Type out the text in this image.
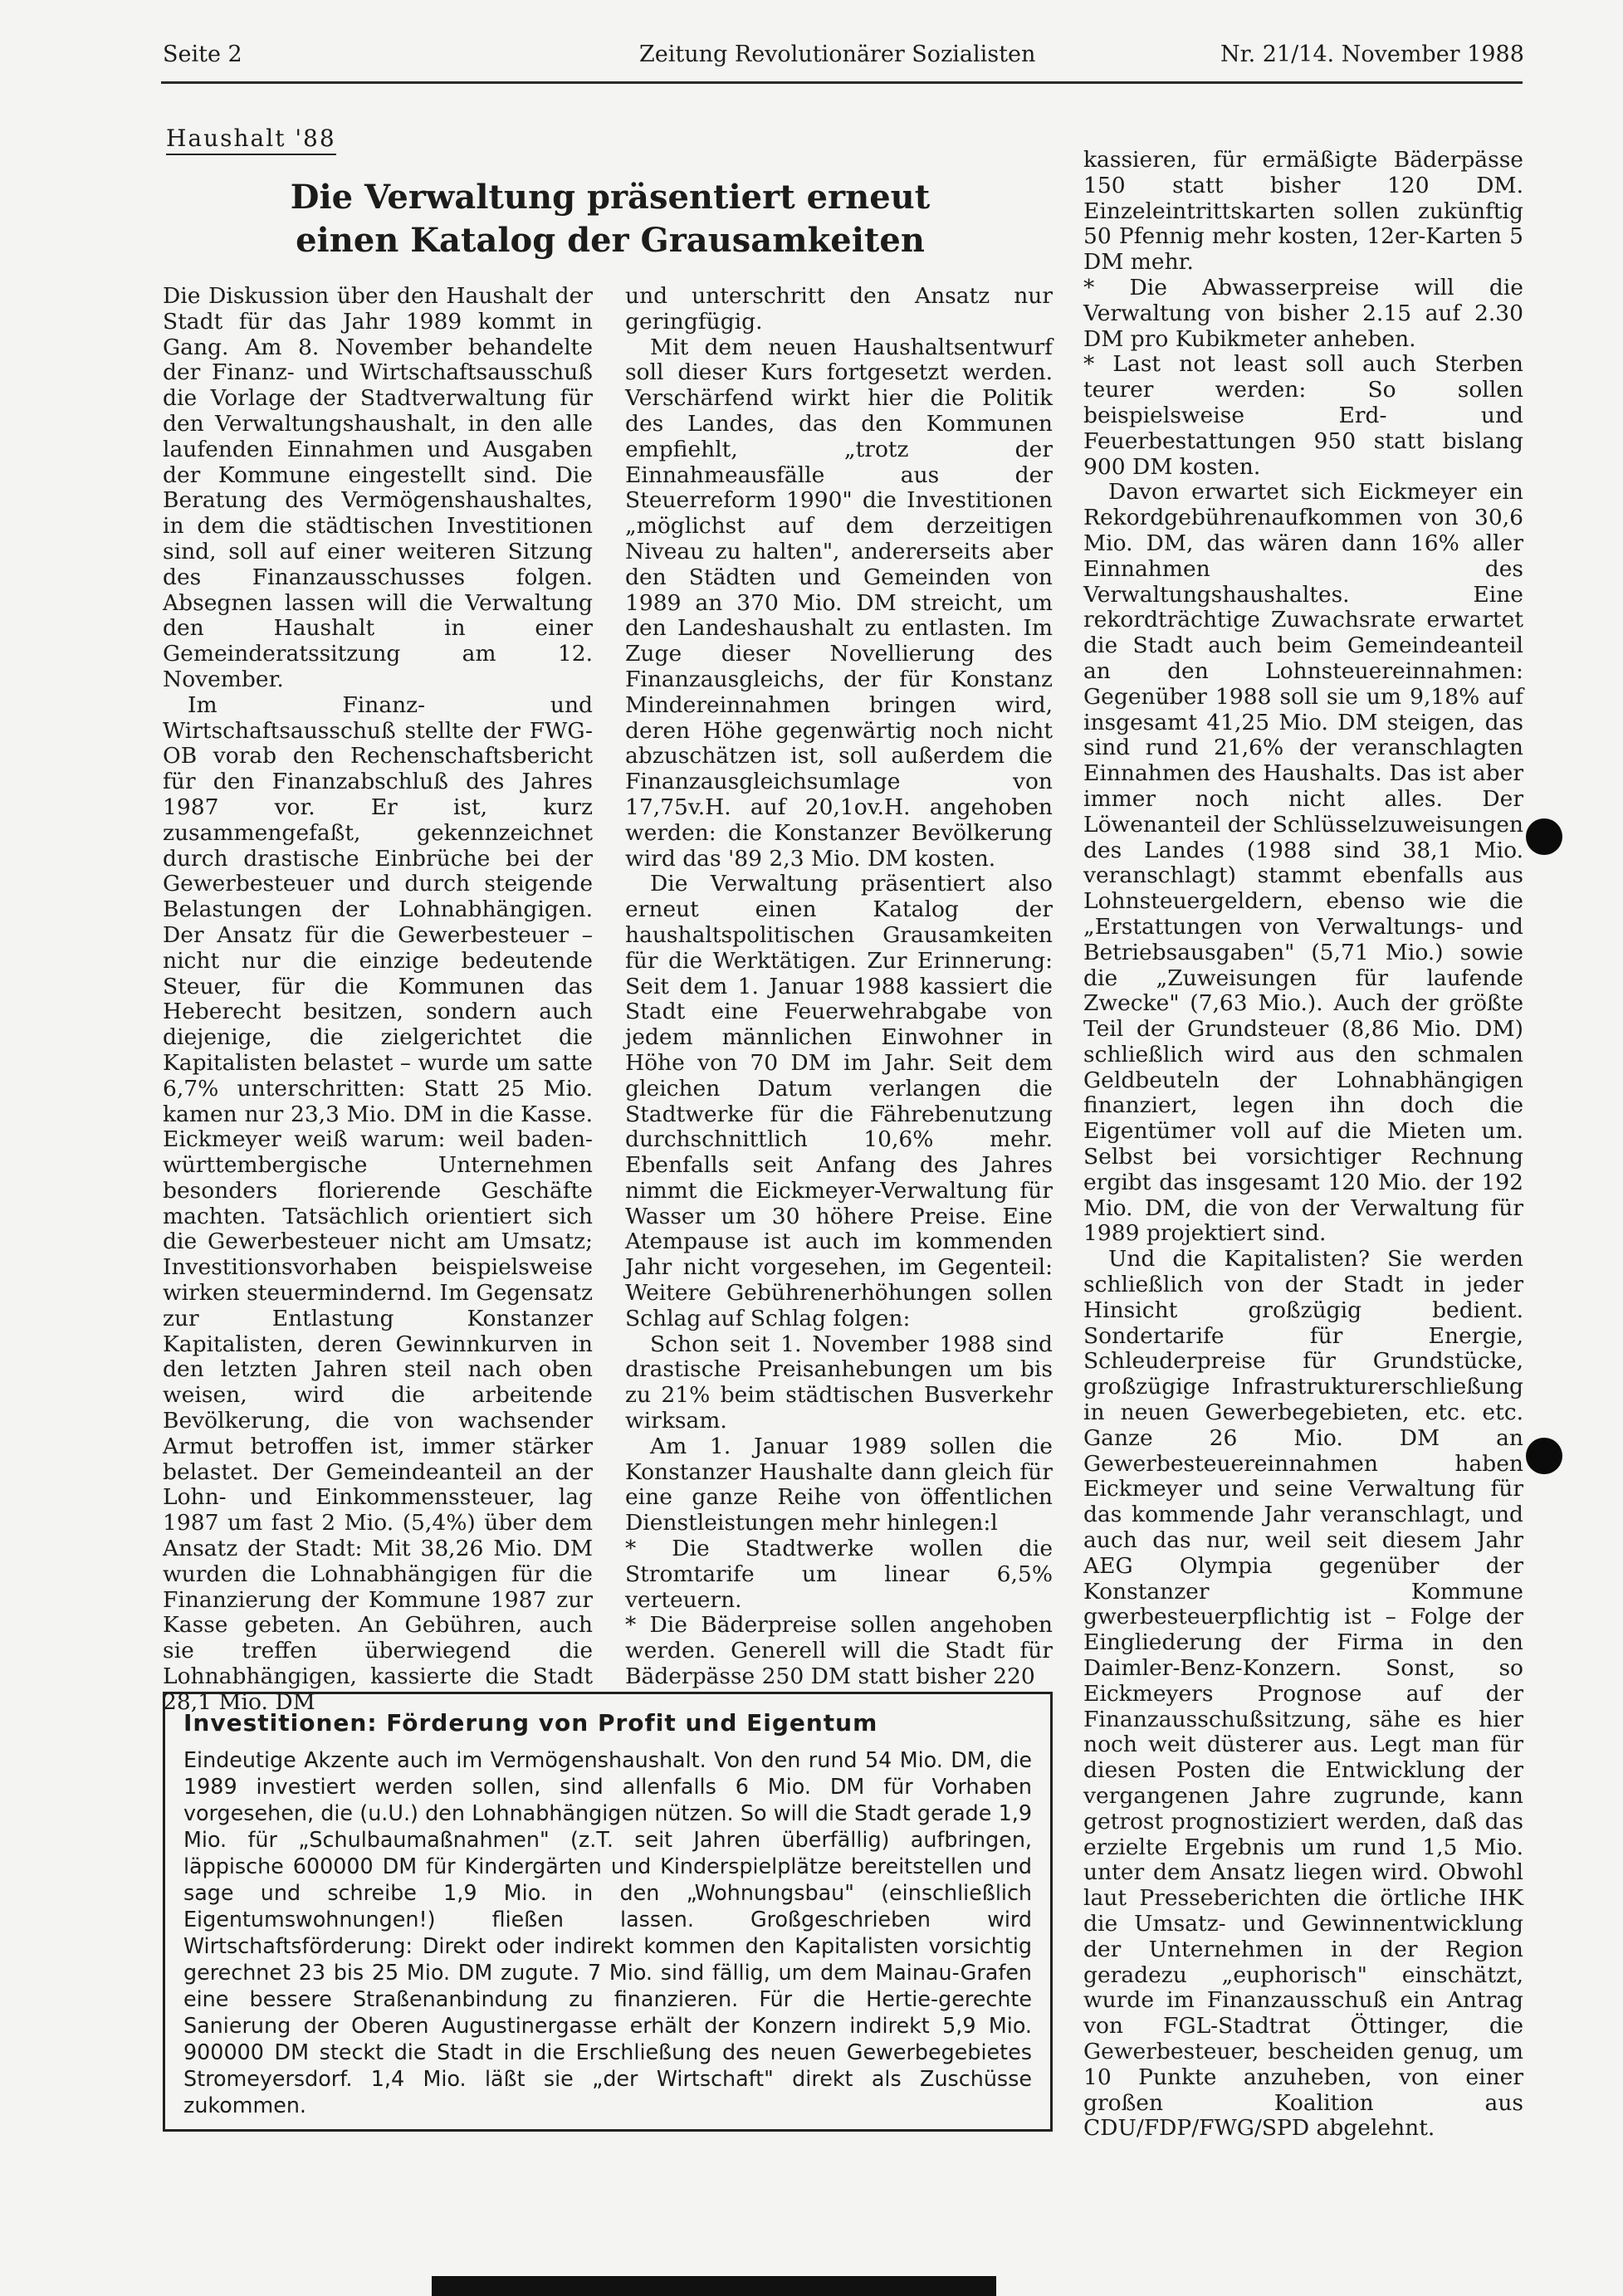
Seite 2	Zeitung Revolutionärer Sozialisten	Nr. 21/14. November 1988
Haushalt '88
Die Verwaltung präsentiert erneut
einen Katalog der Grausamkeiten

Die Diskussion über den Haushalt der Stadt für das Jahr 1989 kommt in Gang. Am 8. November behandelte der Finanz- und Wirtschaftsausschuß die Vorlage der Stadtverwaltung für den Verwaltungshaushalt, in den alle laufenden Einnahmen und Ausgaben der Kommune eingestellt sind. Die Beratung des Vermögenshaushaltes, in dem die städtischen Investitionen sind, soll auf einer weiteren Sitzung des Finanzausschusses folgen. Absegnen lassen will die Verwaltung den Haushalt in einer Gemeinderatssitzung am 12. November.

Im Finanz- und Wirtschaftsausschuß stellte der FWG-OB vorab den Rechenschaftsbericht für den Finanzabschluß des Jahres 1987 vor. Er ist, kurz zusammengefaßt, gekennzeichnet durch drastische Einbrüche bei der Gewerbesteuer und durch steigende Belastungen der Lohnabhängigen. Der Ansatz für die Gewerbesteuer – nicht nur die einzige bedeutende Steuer, für die Kommunen das Heberecht besitzen, sondern auch diejenige, die zielgerichtet die Kapitalisten belastet – wurde um satte 6,7% unterschritten: Statt 25 Mio. kamen nur 23,3 Mio. DM in die Kasse. Eickmeyer weiß warum: weil baden-württembergische Unternehmen besonders florierende Geschäfte machten. Tatsächlich orientiert sich die Gewerbesteuer nicht am Umsatz; Investitionsvorhaben beispielsweise wirken steuermindernd. Im Gegensatz zur Entlastung Konstanzer Kapitalisten, deren Gewinnkurven in den letzten Jahren steil nach oben weisen, wird die arbeitende Bevölkerung, die von wachsender Armut betroffen ist, immer stärker belastet. Der Gemeindeanteil an der Lohn- und Einkommenssteuer, lag 1987 um fast 2 Mio. (5,4%) über dem Ansatz der Stadt: Mit 38,26 Mio. DM wurden die Lohnabhängigen für die Finanzierung der Kommune 1987 zur Kasse gebeten. An Gebühren, auch sie treffen überwiegend die Lohnabhängigen, kassierte die Stadt 28,1 Mio. DM

und unterschritt den Ansatz nur geringfügig.

Mit dem neuen Haushaltsentwurf soll dieser Kurs fortgesetzt werden. Verschärfend wirkt hier die Politik des Landes, das den Kommunen empfiehlt, „trotz der Einnahmeausfälle aus der Steuerreform 1990" die Investitionen „möglichst auf dem derzeitigen Niveau zu halten", andererseits aber den Städten und Gemeinden von 1989 an 370 Mio. DM streicht, um den Landeshaushalt zu entlasten. Im Zuge dieser Novellierung des Finanzausgleichs, der für Konstanz Mindereinnahmen bringen wird, deren Höhe gegenwärtig noch nicht abzuschätzen ist, soll außerdem die Finanzausgleichsumlage von 17,75v.H. auf 20,1ov.H. angehoben werden: die Konstanzer Bevölkerung wird das '89 2,3 Mio. DM kosten.

Die Verwaltung präsentiert also erneut einen Katalog der haushaltspolitischen Grausamkeiten für die Werktätigen. Zur Erinnerung: Seit dem 1. Januar 1988 kassiert die Stadt eine Feuerwehrabgabe von jedem männlichen Einwohner in Höhe von 70 DM im Jahr. Seit dem gleichen Datum verlangen die Stadtwerke für die Fährebenutzung durchschnittlich 10,6% mehr. Ebenfalls seit Anfang des Jahres nimmt die Eickmeyer-Verwaltung für Wasser um 30 höhere Preise. Eine Atempause ist auch im kommenden Jahr nicht vorgesehen, im Gegenteil: Weitere Gebührenerhöhungen sollen Schlag auf Schlag folgen:

Schon seit 1. November 1988 sind drastische Preisanhebungen um bis zu 21% beim städtischen Busverkehr wirksam.

Am 1. Januar 1989 sollen die Konstanzer Haushalte dann gleich für eine ganze Reihe von öffentlichen Dienstleistungen mehr hinlegen:l

* Die Stadtwerke wollen die Stromtarife um linear 6,5% verteuern.

* Die Bäderpreise sollen angehoben werden. Generell will die Stadt für Bäderpässe 250 DM statt bisher 220

kassieren, für ermäßigte Bäderpässe 150 statt bisher 120 DM. Einzeleintrittskarten sollen zukünftig 50 Pfennig mehr kosten, 12er-Karten 5 DM mehr.

* Die Abwasserpreise will die Verwaltung von bisher 2.15 auf 2.30 DM pro Kubikmeter anheben.

* Last not least soll auch Sterben teurer werden: So sollen beispielsweise Erd- und Feuerbestattungen 950 statt bislang 900 DM kosten.

Davon erwartet sich Eickmeyer ein Rekordgebührenaufkommen von 30,6 Mio. DM, das wären dann 16% aller Einnahmen des Verwaltungshaushaltes. Eine rekordträchtige Zuwachsrate erwartet die Stadt auch beim Gemeindeanteil an den Lohnsteuereinnahmen: Gegenüber 1988 soll sie um 9,18% auf insgesamt 41,25 Mio. DM steigen, das sind rund 21,6% der veranschlagten Einnahmen des Haushalts. Das ist aber immer noch nicht alles. Der Löwenanteil der Schlüsselzuweisungen des Landes (1988 sind 38,1 Mio. veranschlagt) stammt ebenfalls aus Lohnsteuergeldern, ebenso wie die „Erstattungen von Verwaltungs- und Betriebsausgaben" (5,71 Mio.) sowie die „Zuweisungen für laufende Zwecke" (7,63 Mio.). Auch der größte Teil der Grundsteuer (8,86 Mio. DM) schließlich wird aus den schmalen Geldbeuteln der Lohnabhängigen finanziert, legen ihn doch die Eigentümer voll auf die Mieten um. Selbst bei vorsichtiger Rechnung ergibt das insgesamt 120 Mio. der 192 Mio. DM, die von der Verwaltung für 1989 projektiert sind.

Und die Kapitalisten? Sie werden schließlich von der Stadt in jeder Hinsicht großzügig bedient. Sondertarife für Energie, Schleuderpreise für Grundstücke, großzügige Infrastrukturerschließung in neuen Gewerbegebieten, etc. etc. Ganze 26 Mio. DM an Gewerbesteuereinnahmen haben Eickmeyer und seine Verwaltung für das kommende Jahr veranschlagt, und auch das nur, weil seit diesem Jahr AEG Olympia gegenüber der Konstanzer Kommune gwerbesteuerpflichtig ist – Folge der Eingliederung der Firma in den Daimler-Benz-Konzern. Sonst, so Eickmeyers Prognose auf der Finanzausschußsitzung, sähe es hier noch weit düsterer aus. Legt man für diesen Posten die Entwicklung der vergangenen Jahre zugrunde, kann getrost prognostiziert werden, daß das erzielte Ergebnis um rund 1,5 Mio. unter dem Ansatz liegen wird. Obwohl laut Presseberichten die örtliche IHK die Umsatz- und Gewinnentwicklung der Unternehmen in der Region geradezu „euphorisch" einschätzt, wurde im Finanzausschuß ein Antrag von FGL-Stadtrat Öttinger, die Gewerbesteuer, bescheiden genug, um 10 Punkte anzuheben, von einer großen Koalition aus CDU/FDP/FWG/SPD abgelehnt.

Investitionen: Förderung von Profit und Eigentum

Eindeutige Akzente auch im Vermögenshaushalt. Von den rund 54 Mio. DM, die 1989 investiert werden sollen, sind allenfalls 6 Mio. DM für Vorhaben vorgesehen, die (u.U.) den Lohnabhängigen nützen. So will die Stadt gerade 1,9 Mio. für „Schulbaumaßnahmen" (z.T. seit Jahren überfällig) aufbringen, läppische 600000 DM für Kindergärten und Kinderspielplätze bereitstellen und sage und schreibe 1,9 Mio. in den „Wohnungsbau" (einschließlich Eigentumswohnungen!) fließen lassen. Großgeschrieben wird Wirtschaftsförderung: Direkt oder indirekt kommen den Kapitalisten vorsichtig gerechnet 23 bis 25 Mio. DM zugute. 7 Mio. sind fällig, um dem Mainau-Grafen eine bessere Straßenanbindung zu finanzieren. Für die Hertie-gerechte Sanierung der Oberen Augustinergasse erhält der Konzern indirekt 5,9 Mio. 900000 DM steckt die Stadt in die Erschließung des neuen Gewerbegebietes Stromeyersdorf. 1,4 Mio. läßt sie „der Wirtschaft" direkt als Zuschüsse zukommen.
